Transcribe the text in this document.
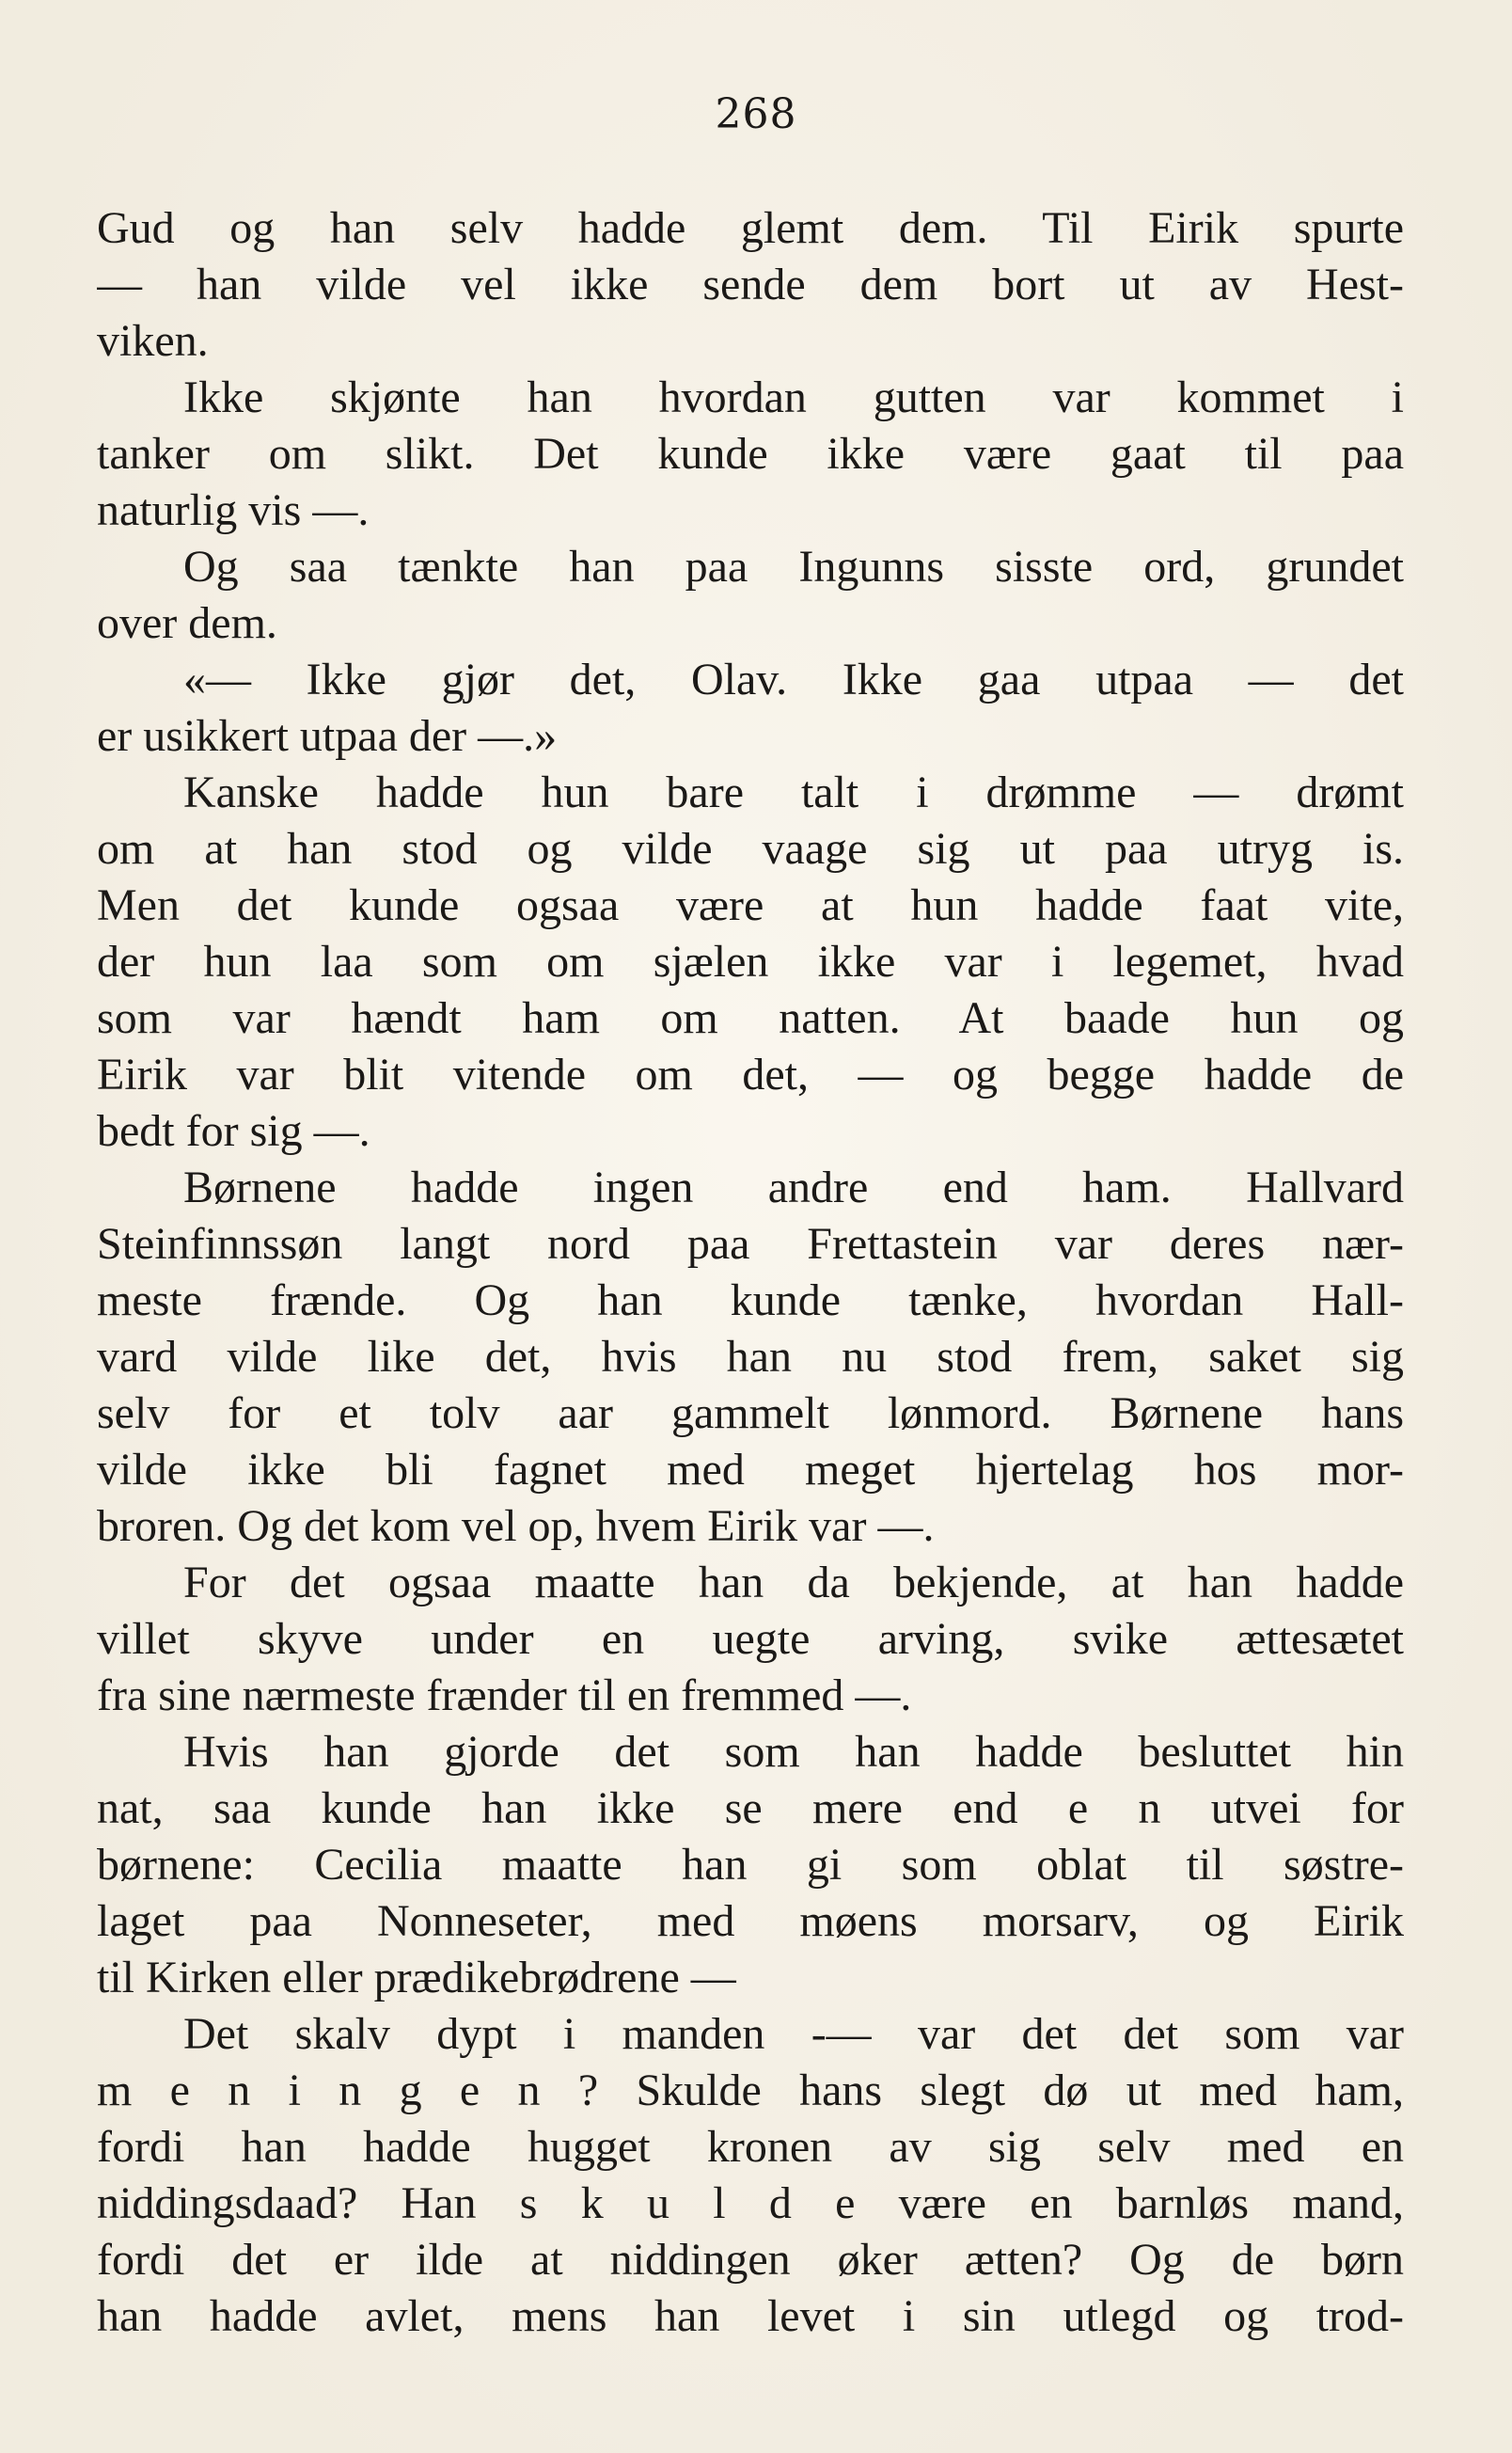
268
Gud og han selv hadde glemt dem. Til Eirik spurte
— han vilde vel ikke sende dem bort ut av Hest-
viken.
Ikke skjønte han hvordan gutten var kommet i
tanker om slikt. Det kunde ikke være gaat til paa
naturlig vis —.
Og saa tænkte han paa Ingunns sisste ord, grundet
over dem.
«— Ikke gjør det, Olav. Ikke gaa utpaa — det
er usikkert utpaa der —.»
Kanske hadde hun bare talt i drømme — drømt
om at han stod og vilde vaage sig ut paa utryg is.
Men det kunde ogsaa være at hun hadde faat vite,
der hun laa som om sjælen ikke var i legemet, hvad
som var hændt ham om natten. At baade hun og
Eirik var blit vitende om det, — og begge hadde de
bedt for sig —.
Børnene hadde ingen andre end ham. Hallvard
Steinfinnssøn langt nord paa Frettastein var deres nær-
meste frænde. Og han kunde tænke, hvordan Hall-
vard vilde like det, hvis han nu stod frem, saket sig
selv for et tolv aar gammelt lønmord. Børnene hans
vilde ikke bli fagnet med meget hjertelag hos mor-
broren. Og det kom vel op, hvem Eirik var —.
For det ogsaa maatte han da bekjende, at han hadde
villet skyve under en uegte arving, svike ættesætet
fra sine nærmeste frænder til en fremmed —.
Hvis han gjorde det som han hadde besluttet hin
nat, saa kunde han ikke se mere end e n utvei for
børnene: Cecilia maatte han gi som oblat til søstre-
laget paa Nonneseter, med møens morsarv, og Eirik
til Kirken eller prædikebrødrene —
Det skalv dypt i manden -— var det det som var
m e n i n g e n ? Skulde hans slegt dø ut med ham,
fordi han hadde hugget kronen av sig selv med en
niddingsdaad? Han s k u l d e være en barnløs mand,
fordi det er ilde at niddingen øker ætten? Og de børn
han hadde avlet, mens han levet i sin utlegd og trod-
